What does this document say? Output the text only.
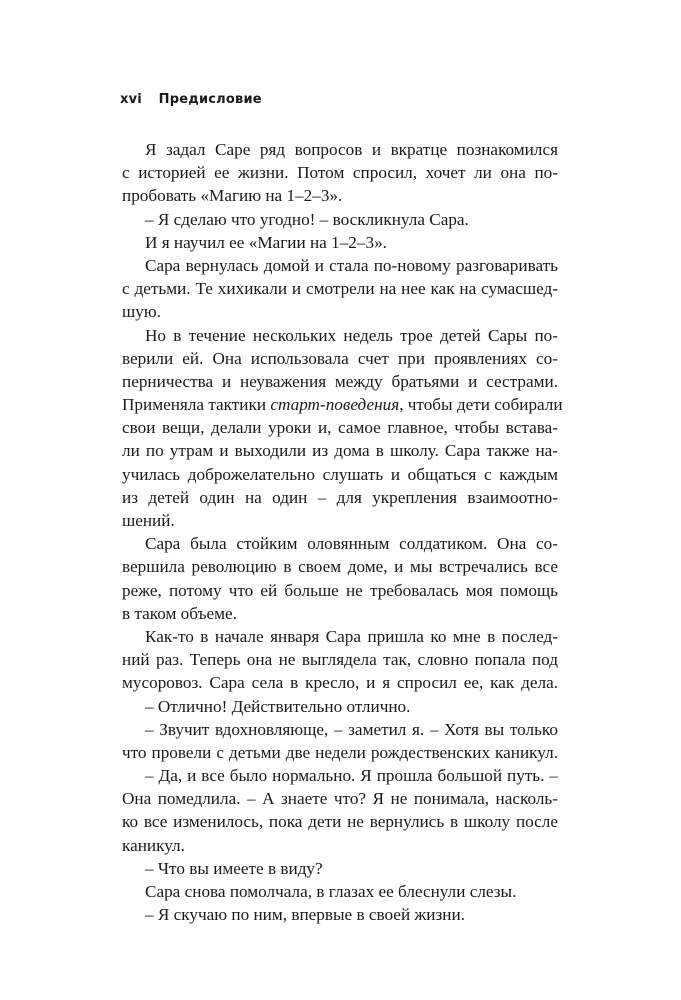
xvi Предисловие
Я задал Саре ряд вопросов и вкратце познакомился
с историей ее жизни. Потом спросил, хочет ли она по-
пробовать «Магию на 1–2–3».
– Я сделаю что угодно! – воскликнула Сара.
И я научил ее «Магии на 1–2–3».
Сара вернулась домой и стала по-новому разговаривать
с детьми. Те хихикали и смотрели на нее как на сумасшед-
шую.
Но в течение нескольких недель трое детей Сары по-
верили ей. Она использовала счет при проявлениях со-
перничества и неуважения между братьями и сестрами.
Применяла тактики старт-поведения, чтобы дети собирали
свои вещи, делали уроки и, самое главное, чтобы встава-
ли по утрам и выходили из дома в школу. Сара также на-
училась доброжелательно слушать и общаться с каждым
из детей один на один – для укрепления взаимоотно-
шений.
Сара была стойким оловянным солдатиком. Она со-
вершила революцию в своем доме, и мы встречались все
реже, потому что ей больше не требовалась моя помощь
в таком объеме.
Как-то в начале января Сара пришла ко мне в послед-
ний раз. Теперь она не выглядела так, словно попала под
мусоровоз. Сара села в кресло, и я спросил ее, как дела.
– Отлично! Действительно отлично.
– Звучит вдохновляюще, – заметил я. – Хотя вы только
что провели с детьми две недели рождественских каникул.
– Да, и все было нормально. Я прошла большой путь. –
Она помедлила. – А знаете что? Я не понимала, насколь-
ко все изменилось, пока дети не вернулись в школу после
каникул.
– Что вы имеете в виду?
Сара снова помолчала, в глазах ее блеснули слезы.
– Я скучаю по ним, впервые в своей жизни.
